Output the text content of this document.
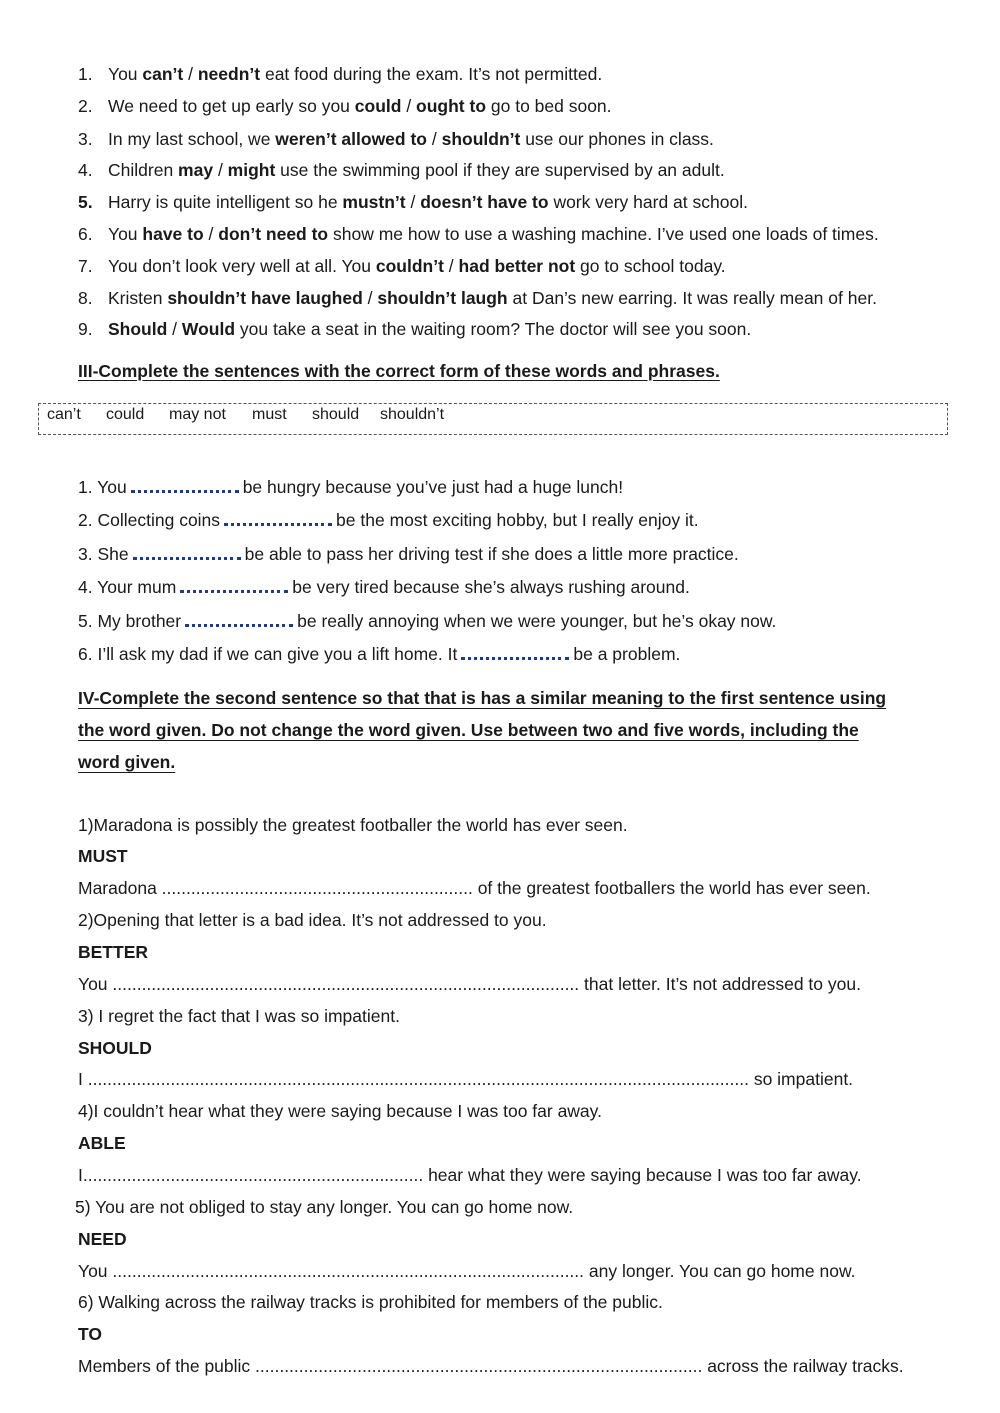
1. You can’t / needn’t eat food during the exam. It’s not permitted.
2. We need to get up early so you could / ought to go to bed soon.
3. In my last school, we weren’t allowed to / shouldn’t use our phones in class.
4. Children may / might use the swimming pool if they are supervised by an adult.
5. Harry is quite intelligent so he mustn’t / doesn’t have to work very hard at school.
6. You have to / don’t need to show me how to use a washing machine. I’ve used one loads of times.
7. You don’t look very well at all. You couldn’t / had better not go to school today.
8. Kristen shouldn’t have laughed / shouldn’t laugh at Dan’s new earring. It was really mean of her.
9. Should / Would you take a seat in the waiting room? The doctor will see you soon.
III-Complete the sentences with the correct form of these words and phrases.
can’t could may not must should shouldn’t
1. You	be hungry because you’ve just had a huge lunch!
2. Collecting coins	be the most exciting hobby, but I really enjoy it.
3. She	be able to pass her driving test if she does a little more practice.
4. Your mum	be very tired because she’s always rushing around.
5. My brother	be really annoying when we were younger, but he’s okay now.
6. I’ll ask my dad if we can give you a lift home. It	be a problem.
IV-Complete the second sentence so that that is has a similar meaning to the first sentence using
the word given. Do not change the word given. Use between two and five words, including the
word given.
1)Maradona is possibly the greatest footballer the world has ever seen.
MUST
Maradona ................................................................ of the greatest footballers the world has ever seen.
2)Opening that letter is a bad idea. It’s not addressed to you.
BETTER
You ................................................................................................ that letter. It’s not addressed to you.
3) I regret the fact that I was so impatient.
SHOULD
I ........................................................................................................................................ so impatient.
4)I couldn’t hear what they were saying because I was too far away.
ABLE
I...................................................................... hear what they were saying because I was too far away.
5) You are not obliged to stay any longer. You can go home now.
NEED
You ................................................................................................. any longer. You can go home now.
6) Walking across the railway tracks is prohibited for members of the public.
TO
Members of the public ............................................................................................ across the railway tracks.
